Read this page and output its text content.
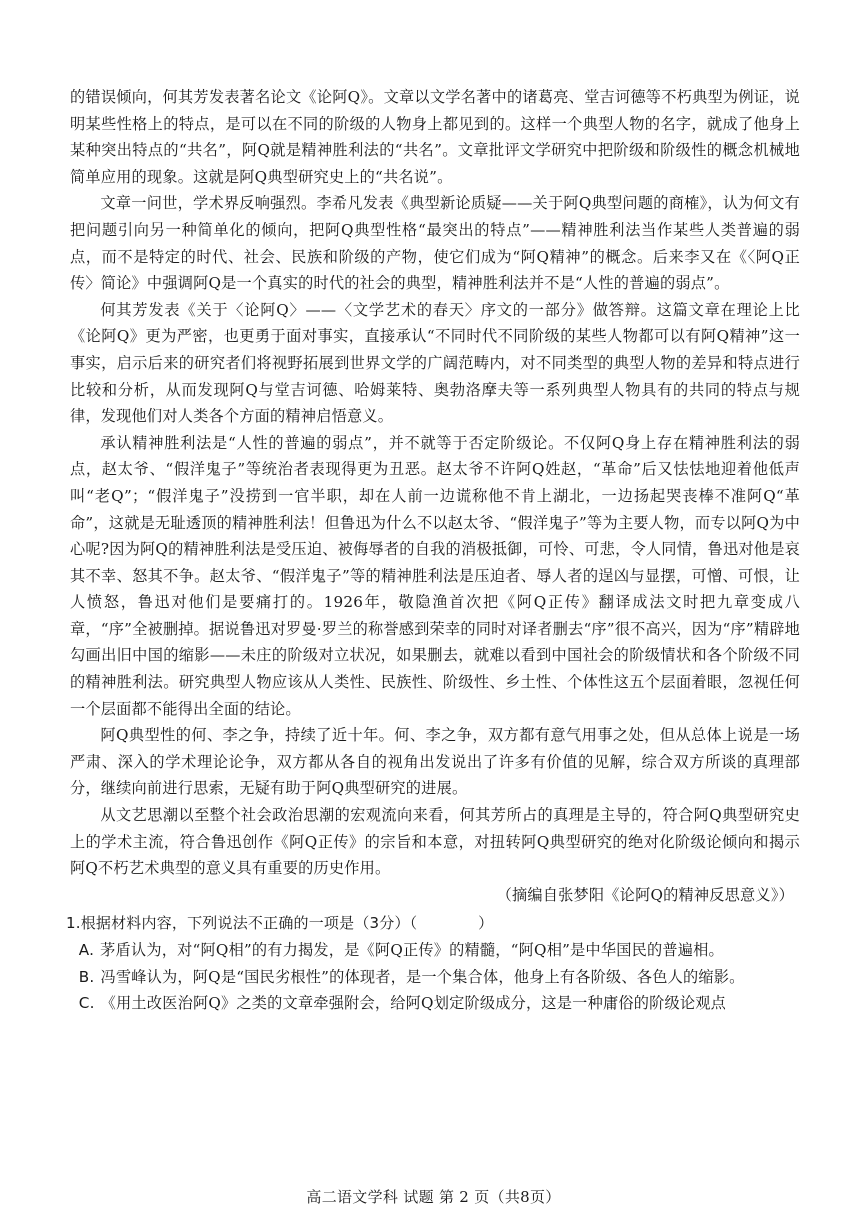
的错误倾向，何其芳发表著名论文《论阿Q》。文章以文学名著中的诸葛亮、堂吉诃德等不朽典型为例证，说明某些性格上的特点，是可以在不同的阶级的人物身上都见到的。这样一个典型人物的名字，就成了他身上某种突出特点的“共名”，阿Q就是精神胜利法的“共名”。文章批评文学研究中把阶级和阶级性的概念机械地简单应用的现象。这就是阿Q典型研究史上的“共名说”。

文章一问世，学术界反响强烈。李希凡发表《典型新论质疑——关于阿Q典型问题的商榷》，认为何文有把问题引向另一种简单化的倾向，把阿Q典型性格“最突出的特点”——精神胜利法当作某些人类普遍的弱点，而不是特定的时代、社会、民族和阶级的产物，使它们成为“阿Q精神”的概念。后来李又在《〈阿Q正传〉简论》中强调阿Q是一个真实的时代的社会的典型，精神胜利法并不是“人性的普遍的弱点”。

何其芳发表《关于〈论阿Q〉——〈文学艺术的春天〉序文的一部分》做答辩。这篇文章在理论上比《论阿Q》更为严密，也更勇于面对事实，直接承认“不同时代不同阶级的某些人物都可以有阿Q精神”这一事实，启示后来的研究者们将视野拓展到世界文学的广阔范畴内，对不同类型的典型人物的差异和特点进行比较和分析，从而发现阿Q与堂吉诃德、哈姆莱特、奥勃洛摩夫等一系列典型人物具有的共同的特点与规律，发现他们对人类各个方面的精神启悟意义。

承认精神胜利法是“人性的普遍的弱点”，并不就等于否定阶级论。不仅阿Q身上存在精神胜利法的弱点，赵太爷、“假洋鬼子”等统治者表现得更为丑恶。赵太爷不许阿Q姓赵，“革命”后又怯怯地迎着他低声叫“老Q”；“假洋鬼子”没捞到一官半职，却在人前一边谎称他不肯上湖北，一边扬起哭丧棒不准阿Q“革命”，这就是无耻透顶的精神胜利法！但鲁迅为什么不以赵太爷、“假洋鬼子”等为主要人物，而专以阿Q为中心呢?因为阿Q的精神胜利法是受压迫、被侮辱者的自我的消极抵御，可怜、可悲，令人同情，鲁迅对他是哀其不幸、怒其不争。赵太爷、“假洋鬼子”等的精神胜利法是压迫者、辱人者的逞凶与显摆，可憎、可恨，让人愤怒，鲁迅对他们是要痛打的。1926年，敬隐渔首次把《阿Q正传》翻译成法文时把九章变成八章，“序”全被删掉。据说鲁迅对罗曼·罗兰的称誉感到荣幸的同时对译者删去“序”很不高兴，因为“序”精辟地勾画出旧中国的缩影——未庄的阶级对立状况，如果删去，就难以看到中国社会的阶级情状和各个阶级不同的精神胜利法。研究典型人物应该从人类性、民族性、阶级性、乡土性、个体性这五个层面着眼，忽视任何一个层面都不能得出全面的结论。

阿Q典型性的何、李之争，持续了近十年。何、李之争，双方都有意气用事之处，但从总体上说是一场严肃、深入的学术理论论争，双方都从各自的视角出发说出了许多有价值的见解，综合双方所谈的真理部分，继续向前进行思索，无疑有助于阿Q典型研究的进展。

从文艺思潮以至整个社会政治思潮的宏观流向来看，何其芳所占的真理是主导的，符合阿Q典型研究史上的学术主流，符合鲁迅创作《阿Q正传》的宗旨和本意，对扭转阿Q典型研究的绝对化阶级论倾向和揭示阿Q不朽艺术典型的意义具有重要的历史作用。

（摘编自张梦阳《论阿Q的精神反思意义》）

1.根据材料内容，下列说法不正确的一项是（3分）（　　　　）

A. 茅盾认为，对“阿Q相”的有力揭发，是《阿Q正传》的精髓，“阿Q相”是中华国民的普遍相。

B. 冯雪峰认为，阿Q是“国民劣根性”的体现者，是一个集合体，他身上有各阶级、各色人的缩影。

C. 《用土改医治阿Q》之类的文章牵强附会，给阿Q划定阶级成分，这是一种庸俗的阶级论观点

高二语文学科 试题 第 2 页（共8页）
